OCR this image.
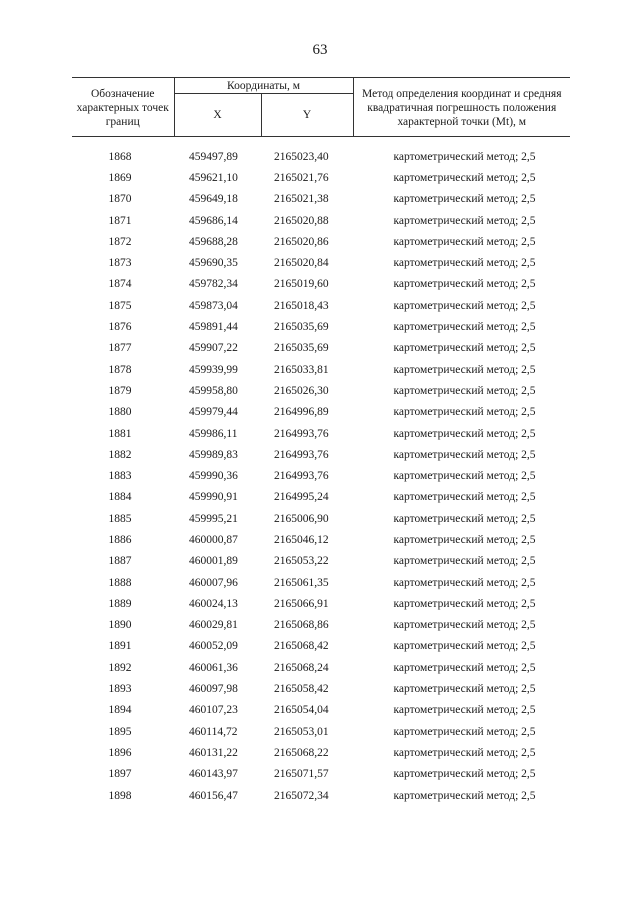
63
Обозначение характерных точек границ	Координаты, м		Метод определения координат и средняя квадратичная погрешность положения характерной точки (Mt), м

	X	Y	

1868	459497,89	2165023,40	картометрический метод; 2,5
1869	459621,10	2165021,76	картометрический метод; 2,5
1870	459649,18	2165021,38	картометрический метод; 2,5
1871	459686,14	2165020,88	картометрический метод; 2,5
1872	459688,28	2165020,86	картометрический метод; 2,5
1873	459690,35	2165020,84	картометрический метод; 2,5
1874	459782,34	2165019,60	картометрический метод; 2,5
1875	459873,04	2165018,43	картометрический метод; 2,5
1876	459891,44	2165035,69	картометрический метод; 2,5
1877	459907,22	2165035,69	картометрический метод; 2,5
1878	459939,99	2165033,81	картометрический метод; 2,5
1879	459958,80	2165026,30	картометрический метод; 2,5
1880	459979,44	2164996,89	картометрический метод; 2,5
1881	459986,11	2164993,76	картометрический метод; 2,5
1882	459989,83	2164993,76	картометрический метод; 2,5
1883	459990,36	2164993,76	картометрический метод; 2,5
1884	459990,91	2164995,24	картометрический метод; 2,5
1885	459995,21	2165006,90	картометрический метод; 2,5
1886	460000,87	2165046,12	картометрический метод; 2,5
1887	460001,89	2165053,22	картометрический метод; 2,5
1888	460007,96	2165061,35	картометрический метод; 2,5
1889	460024,13	2165066,91	картометрический метод; 2,5
1890	460029,81	2165068,86	картометрический метод; 2,5
1891	460052,09	2165068,42	картометрический метод; 2,5
1892	460061,36	2165068,24	картометрический метод; 2,5
1893	460097,98	2165058,42	картометрический метод; 2,5
1894	460107,23	2165054,04	картометрический метод; 2,5
1895	460114,72	2165053,01	картометрический метод; 2,5
1896	460131,22	2165068,22	картометрический метод; 2,5
1897	460143,97	2165071,57	картометрический метод; 2,5
1898	460156,47	2165072,34	картометрический метод; 2,5
